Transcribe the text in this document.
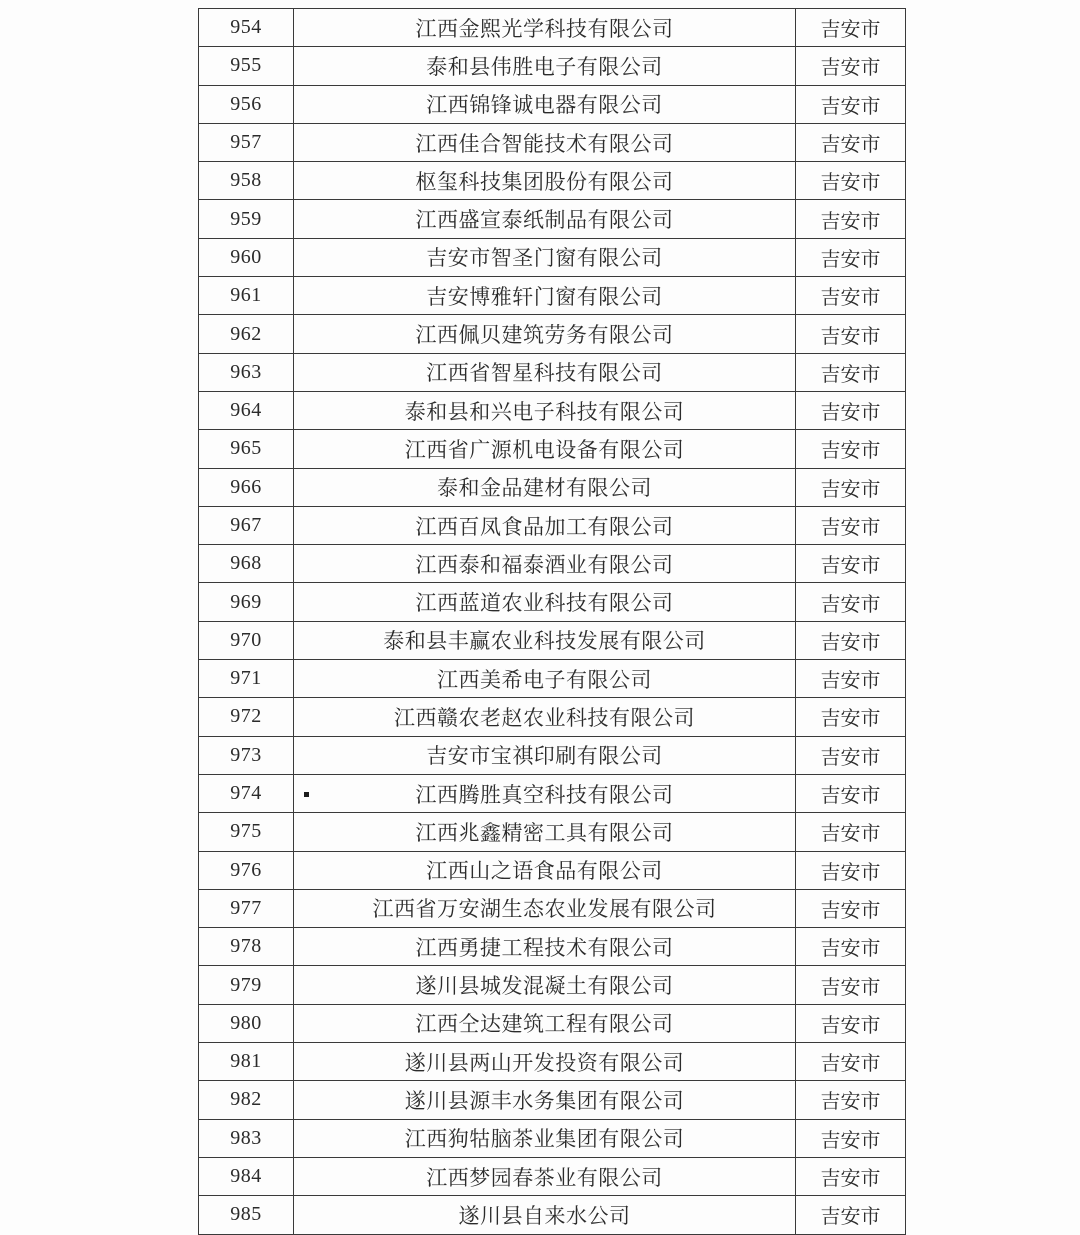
954	江西金熙光学科技有限公司	吉安市
955	泰和县伟胜电子有限公司	吉安市
956	江西锦锋诚电器有限公司	吉安市
957	江西佳合智能技术有限公司	吉安市
958	枢玺科技集团股份有限公司	吉安市
959	江西盛宣泰纸制品有限公司	吉安市
960	吉安市智圣门窗有限公司	吉安市
961	吉安博雅轩门窗有限公司	吉安市
962	江西佩贝建筑劳务有限公司	吉安市
963	江西省智星科技有限公司	吉安市
964	泰和县和兴电子科技有限公司	吉安市
965	江西省广源机电设备有限公司	吉安市
966	泰和金品建材有限公司	吉安市
967	江西百凤食品加工有限公司	吉安市
968	江西泰和福泰酒业有限公司	吉安市
969	江西蓝道农业科技有限公司	吉安市
970	泰和县丰赢农业科技发展有限公司	吉安市
971	江西美希电子有限公司	吉安市
972	江西赣农老赵农业科技有限公司	吉安市
973	吉安市宝祺印刷有限公司	吉安市
974	江西腾胜真空科技有限公司	吉安市
975	江西兆鑫精密工具有限公司	吉安市
976	江西山之语食品有限公司	吉安市
977	江西省万安湖生态农业发展有限公司	吉安市
978	江西勇捷工程技术有限公司	吉安市
979	遂川县城发混凝土有限公司	吉安市
980	江西仝达建筑工程有限公司	吉安市
981	遂川县两山开发投资有限公司	吉安市
982	遂川县源丰水务集团有限公司	吉安市
983	江西狗牯脑茶业集团有限公司	吉安市
984	江西梦园春茶业有限公司	吉安市
985	遂川县自来水公司	吉安市
